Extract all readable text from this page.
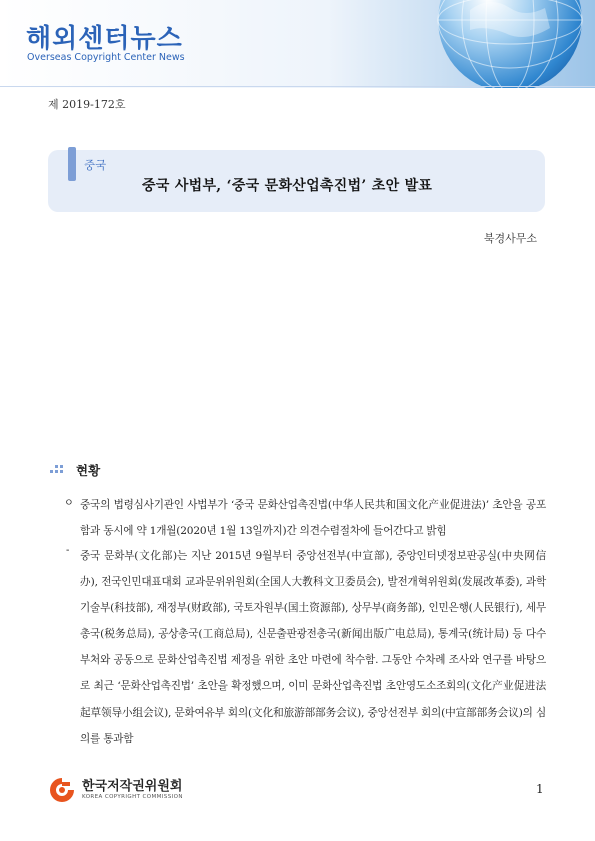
해외센터뉴스
Overseas Copyright Center News
제 2019-172호
중국
중국 사법부, ‘중국 문화산업촉진법’ 초안 발표
북경사무소
현황
ㅇ 중국의 법령심사기관인 사법부가 ‘중국 문화산업촉진법(中华人民共和国文化产业促进法)’ 초안을 공포함과 동시에 약 1개월(2020년 1월 13일까지)간 의견수렴절차에 들어간다고 밝힘
- 중국 문화부(文化部)는 지난 2015년 9월부터 중앙선전부(中宣部), 중앙인터넷정보판공실(中央网信办), 전국인민대표대회 교과문위위원회(全国人大教科文卫委员会), 발전개혁위원회(发展改革委), 과학기술부(科技部), 재정부(财政部), 국토자원부(国土资源部), 상무부(商务部), 인민은행(人民银行), 세무총국(税务总局), 공상총국(工商总局), 신문출판광전총국(新闻出版广电总局), 통계국(统计局) 등 다수 부처와 공동으로 문화산업촉진법 제정을 위한 초안 마련에 착수함. 그동안 수차례 조사와 연구를 바탕으로 최근 ‘문화산업촉진법’ 초안을 확정했으며, 이미 문화산업촉진법 초안영도소조회의(文化产业促进法起草领导小组会议), 문화여유부 회의(文化和旅游部部务会议), 중앙선전부 회의(中宣部部务会议)의 심의를 통과함
한국저작권위원회
KOREA COPYRIGHT COMMISSION
1
